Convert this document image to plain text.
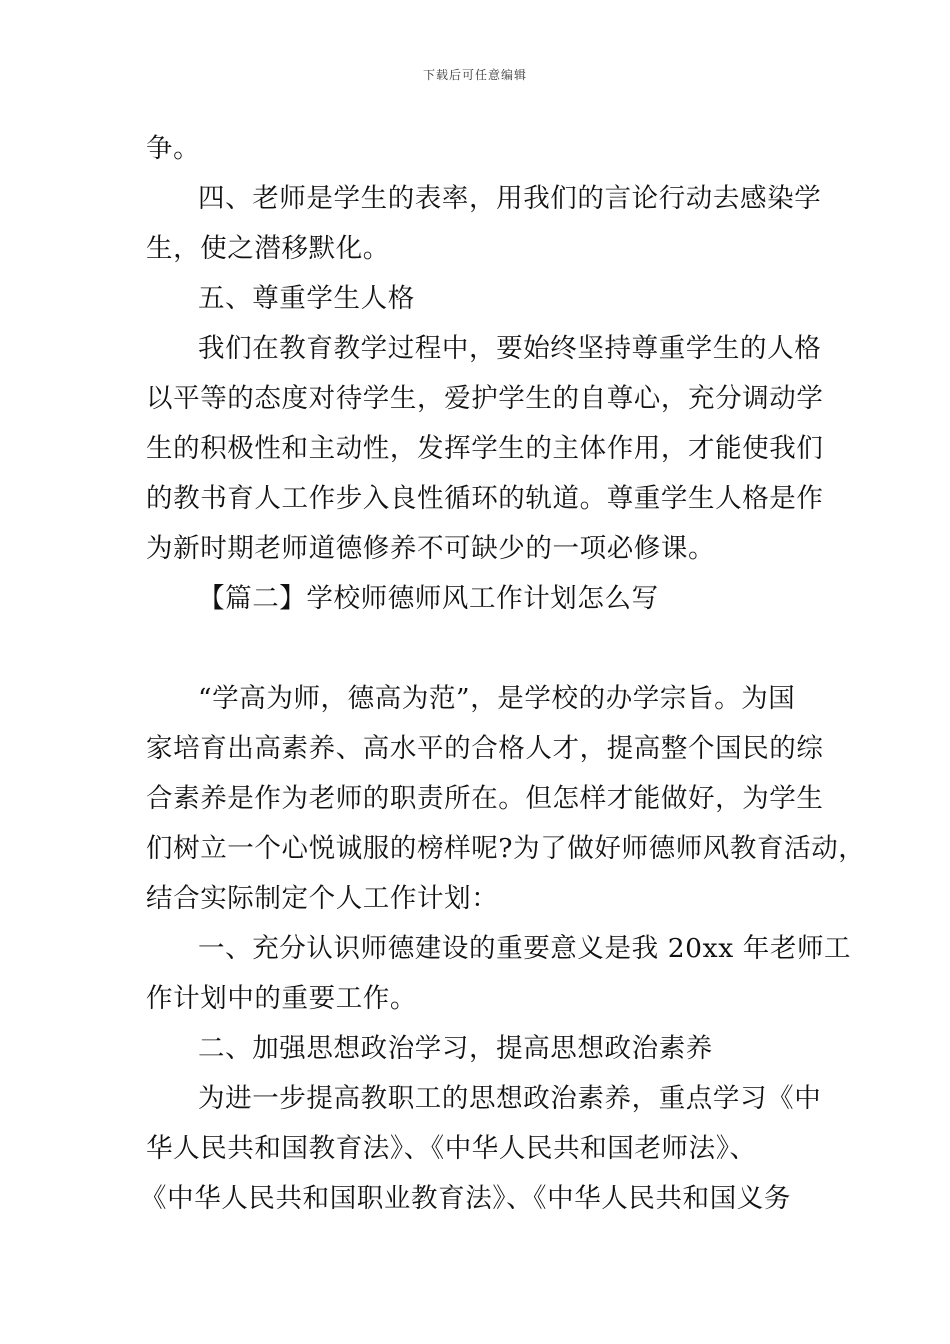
下载后可任意编辑
争。
四、老师是学生的表率，用我们的言论行动去感染学
生，使之潜移默化。
五、尊重学生人格
我们在教育教学过程中，要始终坚持尊重学生的人格
以平等的态度对待学生，爱护学生的自尊心，充分调动学
生的积极性和主动性，发挥学生的主体作用，才能使我们
的教书育人工作步入良性循环的轨道。尊重学生人格是作
为新时期老师道德修养不可缺少的一项必修课。
【篇二】学校师德师风工作计划怎么写
“学高为师，德高为范”，是学校的办学宗旨。为国
家培育出高素养、高水平的合格人才，提高整个国民的综
合素养是作为老师的职责所在。但怎样才能做好，为学生
们树立一个心悦诚服的榜样呢?为了做好师德师风教育活动，
结合实际制定个人工作计划：
一、充分认识师德建设的重要意义是我 20xx 年老师工
作计划中的重要工作。
二、加强思想政治学习，提高思想政治素养
为进一步提高教职工的思想政治素养，重点学习《中
华人民共和国教育法》、《中华人民共和国老师法》、
《中华人民共和国职业教育法》、《中华人民共和国义务
